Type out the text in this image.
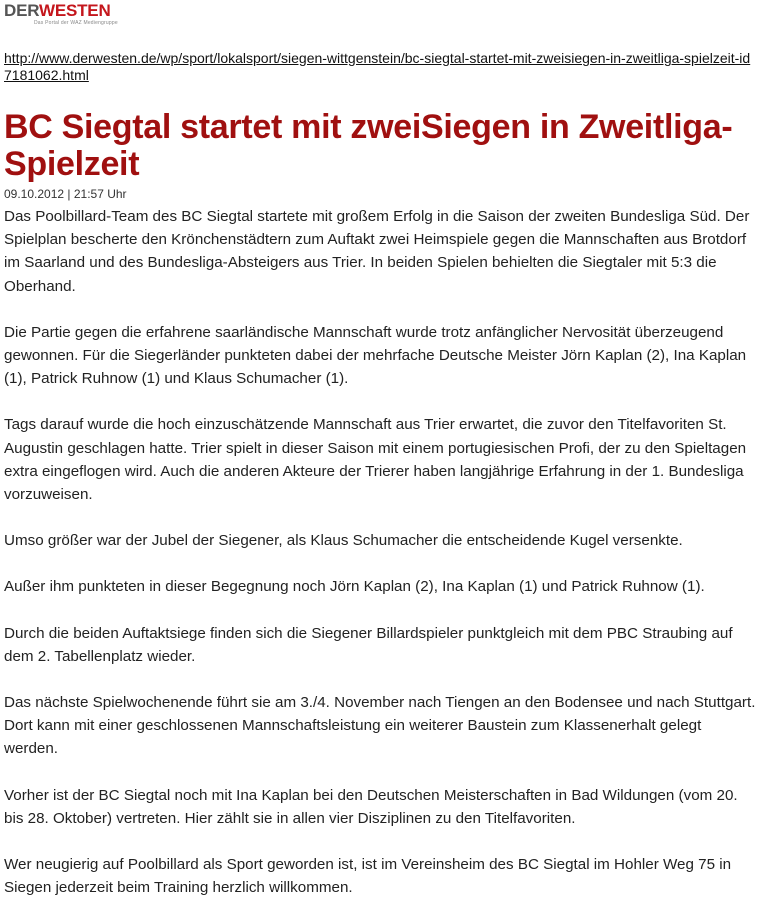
DERWESTEN
Das Portal der WAZ Mediengruppe
http://www.derwesten.de/wp/sport/lokalsport/siegen-wittgenstein/bc-siegtal-startet-mit-zweisiegen-in-zweitliga-spielzeit-id7181062.html
BC Siegtal startet mit zweiSiegen in Zweitliga-Spielzeit
09.10.2012 | 21:57 Uhr

Das Poolbillard-Team des BC Siegtal startete mit großem Erfolg in die Saison der zweiten Bundesliga Süd. Der Spielplan bescherte den Krönchenstädtern zum Auftakt zwei Heimspiele gegen die Mannschaften aus Brotdorf im Saarland und des Bundesliga-Absteigers aus Trier. In beiden Spielen behielten die Siegtaler mit 5:3 die Oberhand.

Die Partie gegen die erfahrene saarländische Mannschaft wurde trotz anfänglicher Nervosität überzeugend gewonnen. Für die Siegerländer punkteten dabei der mehrfache Deutsche Meister Jörn Kaplan (2), Ina Kaplan (1), Patrick Ruhnow (1) und Klaus Schumacher (1).

Tags darauf wurde die hoch einzuschätzende Mannschaft aus Trier erwartet, die zuvor den Titelfavoriten St. Augustin geschlagen hatte. Trier spielt in dieser Saison mit einem portugiesischen Profi, der zu den Spieltagen extra eingeflogen wird. Auch die anderen Akteure der Trierer haben langjährige Erfahrung in der 1. Bundesliga vorzuweisen.

Umso größer war der Jubel der Siegener, als Klaus Schumacher die entscheidende Kugel versenkte.

Außer ihm punkteten in dieser Begegnung noch Jörn Kaplan (2), Ina Kaplan (1) und Patrick Ruhnow (1).

Durch die beiden Auftaktsiege finden sich die Siegener Billardspieler punktgleich mit dem PBC Straubing auf dem 2. Tabellenplatz wieder.

Das nächste Spielwochenende führt sie am 3./4. November nach Tiengen an den Bodensee und nach Stuttgart. Dort kann mit einer geschlossenen Mannschaftsleistung ein weiterer Baustein zum Klassenerhalt gelegt werden.

Vorher ist der BC Siegtal noch mit Ina Kaplan bei den Deutschen Meisterschaften in Bad Wildungen (vom 20. bis 28. Oktober) vertreten. Hier zählt sie in allen vier Disziplinen zu den Titelfavoriten.

Wer neugierig auf Poolbillard als Sport geworden ist, ist im Vereinsheim des BC Siegtal im Hohler Weg 75 in Siegen jederzeit beim Training herzlich willkommen.
